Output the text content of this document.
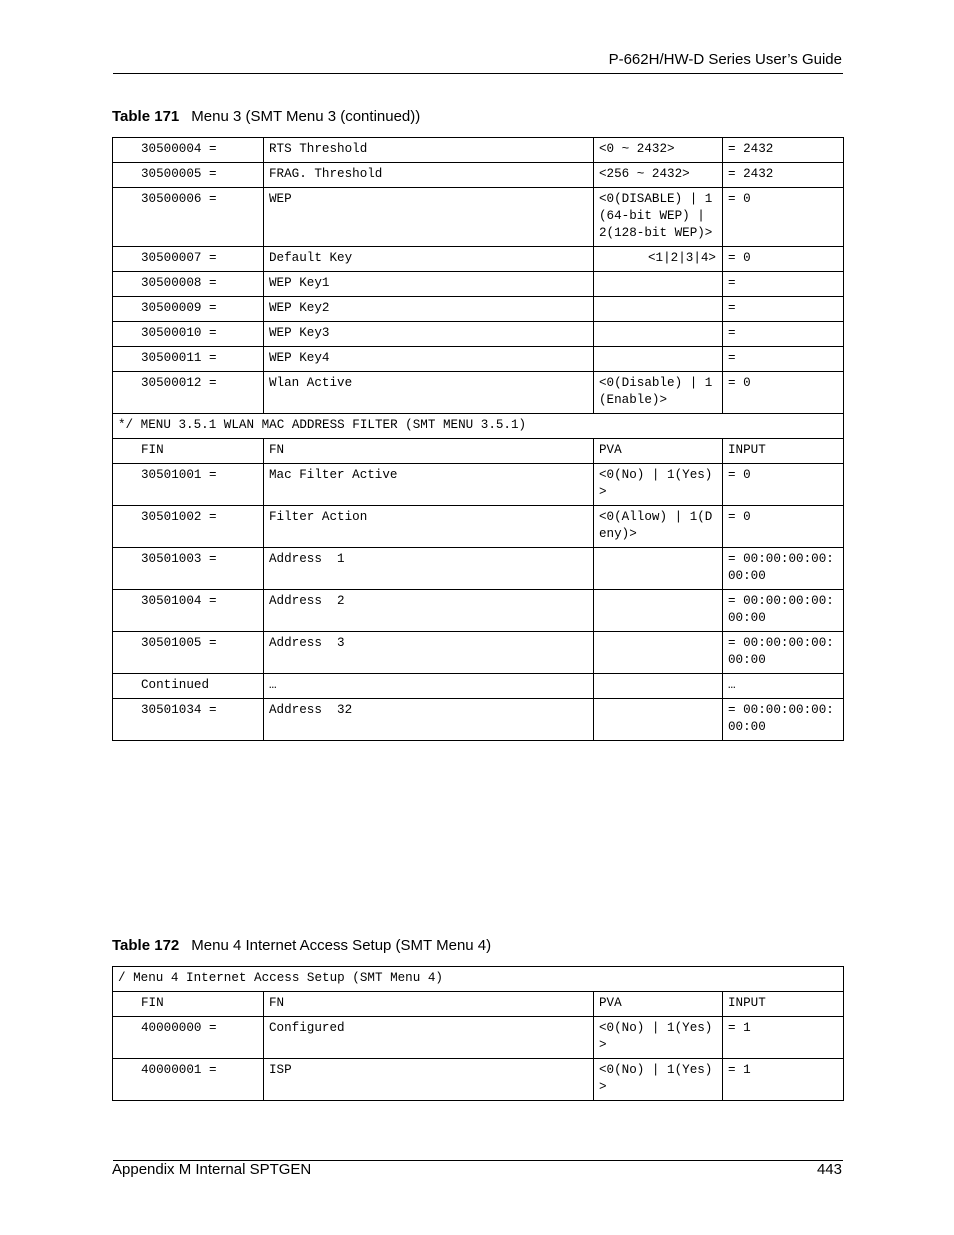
P-662H/HW-D Series User’s Guide
Table 171 Menu 3 (SMT Menu 3 (continued))
30500004 =	RTS Threshold	<0 ~ 2432>	= 2432
30500005 =	FRAG. Threshold	<256 ~ 2432>	= 2432
30500006 =	WEP	<0(DISABLE) | 1(64-bit WEP) | 2(128-bit WEP)>	= 0
30500007 =	Default Key	<1|2|3|4>	= 0
30500008 =	WEP Key1		=
30500009 =	WEP Key2		=
30500010 =	WEP Key3		=
30500011 =	WEP Key4		=
30500012 =	Wlan Active	<0(Disable) | 1(Enable)>	= 0
*/ MENU 3.5.1 WLAN MAC ADDRESS FILTER (SMT MENU 3.5.1)			
FIN	FN	PVA	INPUT
30501001 =	Mac Filter Active	<0(No) | 1(Yes)>	= 0
30501002 =	Filter Action	<0(Allow) | 1(Deny)>	= 0
30501003 =	Address  1		= 00:00:00:00:00:00
30501004 =	Address  2		= 00:00:00:00:00:00
30501005 =	Address  3		= 00:00:00:00:00:00
Continued	…		…
30501034 =	Address  32		= 00:00:00:00:00:00
Table 172 Menu 4 Internet Access Setup (SMT Menu 4)
/ Menu 4 Internet Access Setup (SMT Menu 4)			
FIN	FN	PVA	INPUT
40000000 =	Configured	<0(No) | 1(Yes)>	= 1
40000001 =	ISP	<0(No) | 1(Yes)>	= 1
Appendix M Internal SPTGEN	443
